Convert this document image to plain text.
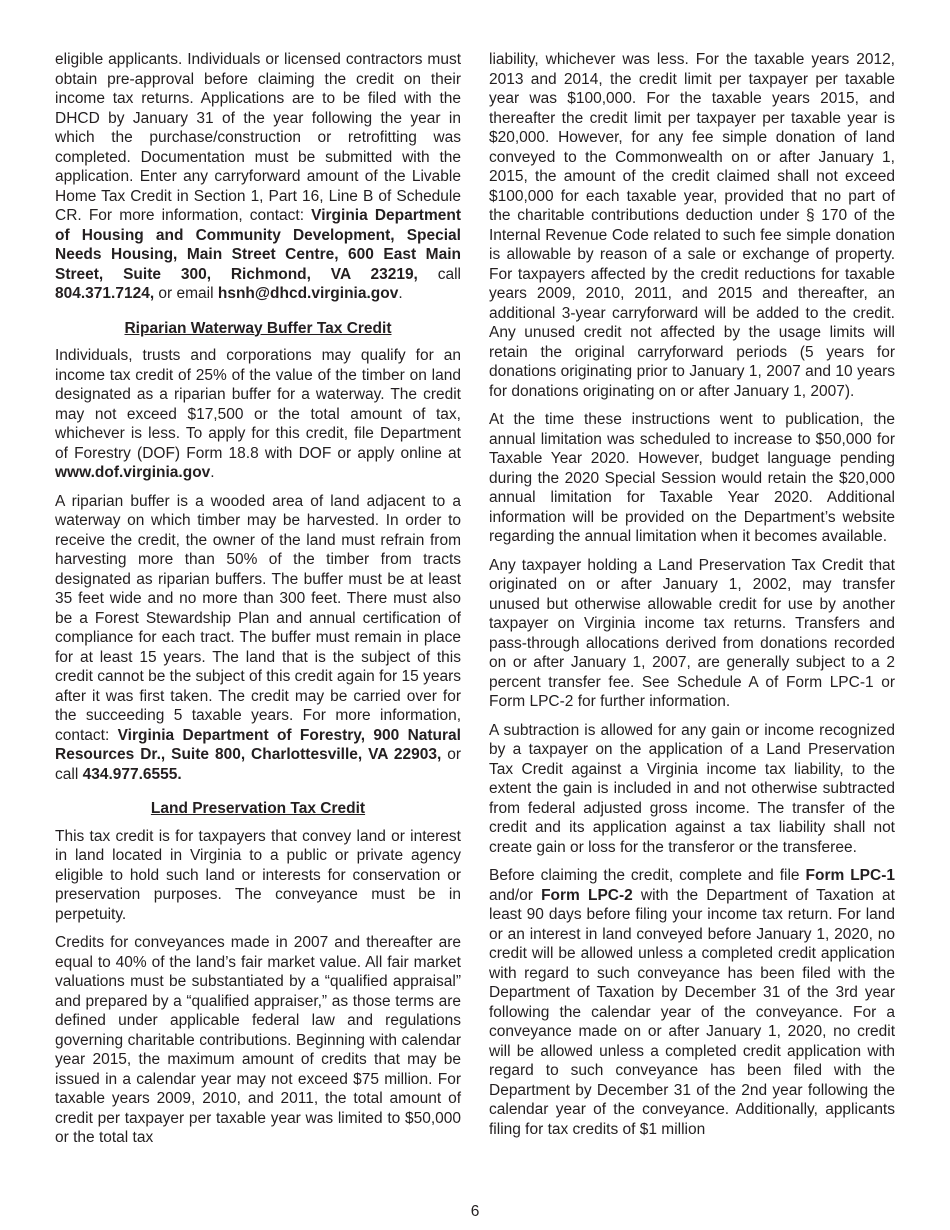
eligible applicants. Individuals or licensed contractors must obtain pre-approval before claiming the credit on their income tax returns. Applications are to be filed with the DHCD by January 31 of the year following the year in which the purchase/construction or retrofitting was completed. Documentation must be submitted with the application. Enter any carryforward amount of the Livable Home Tax Credit in Section 1, Part 16, Line B of Schedule CR. For more information, contact: Virginia Department of Housing and Community Development, Special Needs Housing, Main Street Centre, 600 East Main Street, Suite 300, Richmond, VA 23219, call 804.371.7124, or email hsnh@dhcd.virginia.gov.

Riparian Waterway Buffer Tax Credit

Individuals, trusts and corporations may qualify for an income tax credit of 25% of the value of the timber on land designated as a riparian buffer for a waterway. The credit may not exceed $17,500 or the total amount of tax, whichever is less. To apply for this credit, file Department of Forestry (DOF) Form 18.8 with DOF or apply online at www.dof.virginia.gov.

A riparian buffer is a wooded area of land adjacent to a waterway on which timber may be harvested. In order to receive the credit, the owner of the land must refrain from harvesting more than 50% of the timber from tracts designated as riparian buffers. The buffer must be at least 35 feet wide and no more than 300 feet. There must also be a Forest Stewardship Plan and annual certification of compliance for each tract. The buffer must remain in place for at least 15 years. The land that is the subject of this credit cannot be the subject of this credit again for 15 years after it was first taken. The credit may be carried over for the succeeding 5 taxable years. For more information, contact: Virginia Department of Forestry, 900 Natural Resources Dr., Suite 800, Charlottesville, VA 22903, or call 434.977.6555.

Land Preservation Tax Credit

This tax credit is for taxpayers that convey land or interest in land located in Virginia to a public or private agency eligible to hold such land or interests for conservation or preservation purposes. The conveyance must be in perpetuity.

Credits for conveyances made in 2007 and thereafter are equal to 40% of the land’s fair market value. All fair market valuations must be substantiated by a “qualified appraisal” and prepared by a “qualified appraiser,” as those terms are defined under applicable federal law and regulations governing charitable contributions. Beginning with calendar year 2015, the maximum amount of credits that may be issued in a calendar year may not exceed $75 million. For taxable years 2009, 2010, and 2011, the total amount of credit per taxpayer per taxable year was limited to $50,000 or the total tax

liability, whichever was less. For the taxable years 2012, 2013 and 2014, the credit limit per taxpayer per taxable year was $100,000. For the taxable years 2015, and thereafter the credit limit per taxpayer per taxable year is $20,000. However, for any fee simple donation of land conveyed to the Commonwealth on or after January 1, 2015, the amount of the credit claimed shall not exceed $100,000 for each taxable year, provided that no part of the charitable contributions deduction under § 170 of the Internal Revenue Code related to such fee simple donation is allowable by reason of a sale or exchange of property. For taxpayers affected by the credit reductions for taxable years 2009, 2010, 2011, and 2015 and thereafter, an additional 3-year carryforward will be added to the credit. Any unused credit not affected by the usage limits will retain the original carryforward periods (5 years for donations originating prior to January 1, 2007 and 10 years for donations originating on or after January 1, 2007).

At the time these instructions went to publication, the annual limitation was scheduled to increase to $50,000 for Taxable Year 2020. However, budget language pending during the 2020 Special Session would retain the $20,000 annual limitation for Taxable Year 2020. Additional information will be provided on the Department’s website regarding the annual limitation when it becomes available.

Any taxpayer holding a Land Preservation Tax Credit that originated on or after January 1, 2002, may transfer unused but otherwise allowable credit for use by another taxpayer on Virginia income tax returns. Transfers and pass-through allocations derived from donations recorded on or after January 1, 2007, are generally subject to a 2 percent transfer fee. See Schedule A of Form LPC-1 or Form LPC-2 for further information.

A subtraction is allowed for any gain or income recognized by a taxpayer on the application of a Land Preservation Tax Credit against a Virginia income tax liability, to the extent the gain is included in and not otherwise subtracted from federal adjusted gross income. The transfer of the credit and its application against a tax liability shall not create gain or loss for the transferor or the transferee.

Before claiming the credit, complete and file Form LPC-1 and/or Form LPC-2 with the Department of Taxation at least 90 days before filing your income tax return. For land or an interest in land conveyed before January 1, 2020, no credit will be allowed unless a completed credit application with regard to such conveyance has been filed with the Department of Taxation by December 31 of the 3rd year following the calendar year of the conveyance. For a conveyance made on or after January 1, 2020, no credit will be allowed unless a completed credit application with regard to such conveyance has been filed with the Department by December 31 of the 2nd year following the calendar year of the conveyance. Additionally, applicants filing for tax credits of $1 million

6
